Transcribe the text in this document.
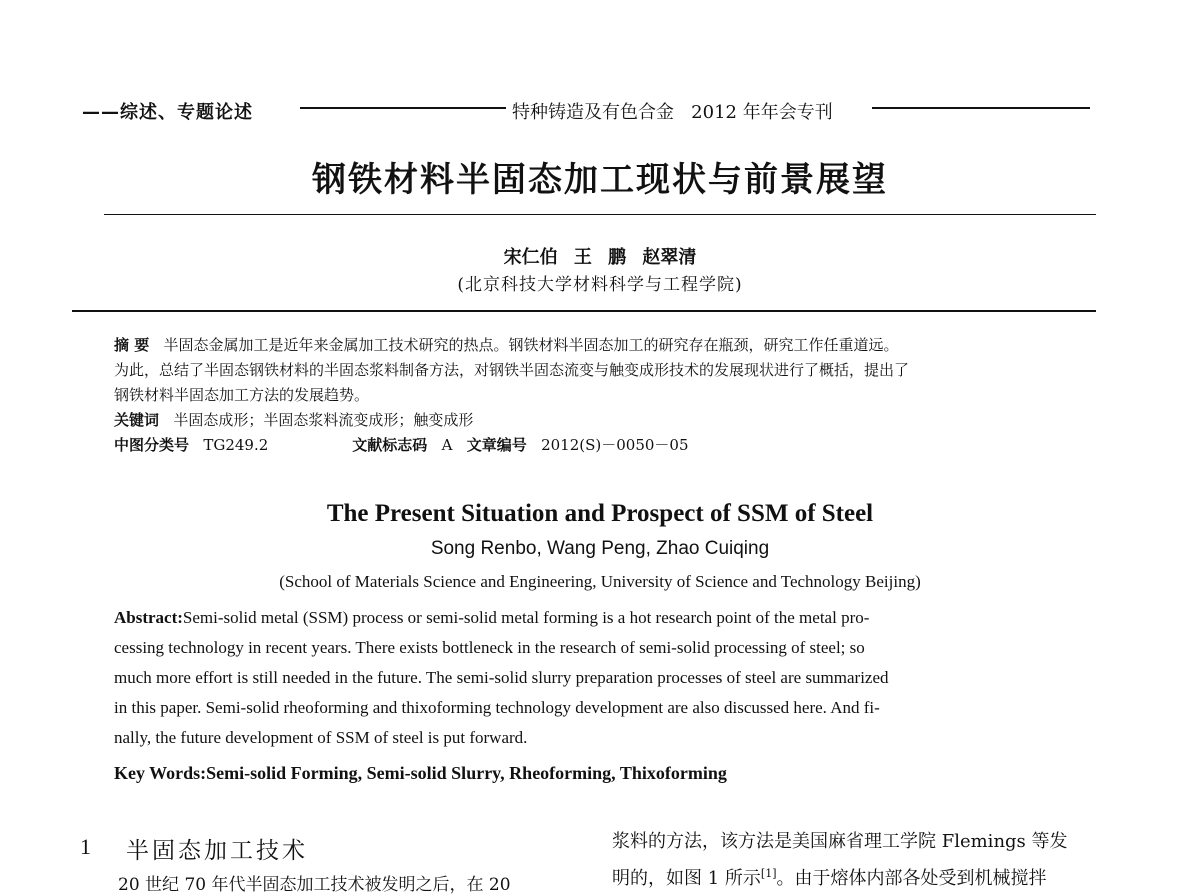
——综述、专题论述	特种铸造及有色合金 2012 年年会专刊
钢铁材料半固态加工现状与前景展望
宋仁伯 王 鹏 赵翠清
(北京科技大学材料科学与工程学院)
摘 要 半固态金属加工是近年来金属加工技术研究的热点。钢铁材料半固态加工的研究存在瓶颈，研究工作任重道远。
为此，总结了半固态钢铁材料的半固态浆料制备方法，对钢铁半固态流变与触变成形技术的发展现状进行了概括，提出了
钢铁材料半固态加工方法的发展趋势。
关键词 半固态成形；半固态浆料流变成形；触变成形
中图分类号 TG249.2	文献标志码 A 文章编号 2012(S)－0050－05
The Present Situation and Prospect of SSM of Steel
Song Renbo, Wang Peng, Zhao Cuiqing
(School of Materials Science and Engineering, University of Science and Technology Beijing)
Abstract:Semi-solid metal (SSM) process or semi-solid metal forming is a hot research point of the metal pro-
cessing technology in recent years. There exists bottleneck in the research of semi-solid processing of steel; so
much more effort is still needed in the future. The semi-solid slurry preparation processes of steel are summarized
in this paper. Semi-solid rheoforming and thixoforming technology development are also discussed here. And fi-
nally, the future development of SSM of steel is put forward.
Key Words:Semi-solid Forming, Semi-solid Slurry, Rheoforming, Thixoforming
1 半固态加工技术
20 世纪 70 年代半固态加工技术被发明之后，在 20
浆料的方法，该方法是美国麻省理工学院 Flemings 等发
明的，如图 1 所示[1]。由于熔体内部各处受到机械搅拌
